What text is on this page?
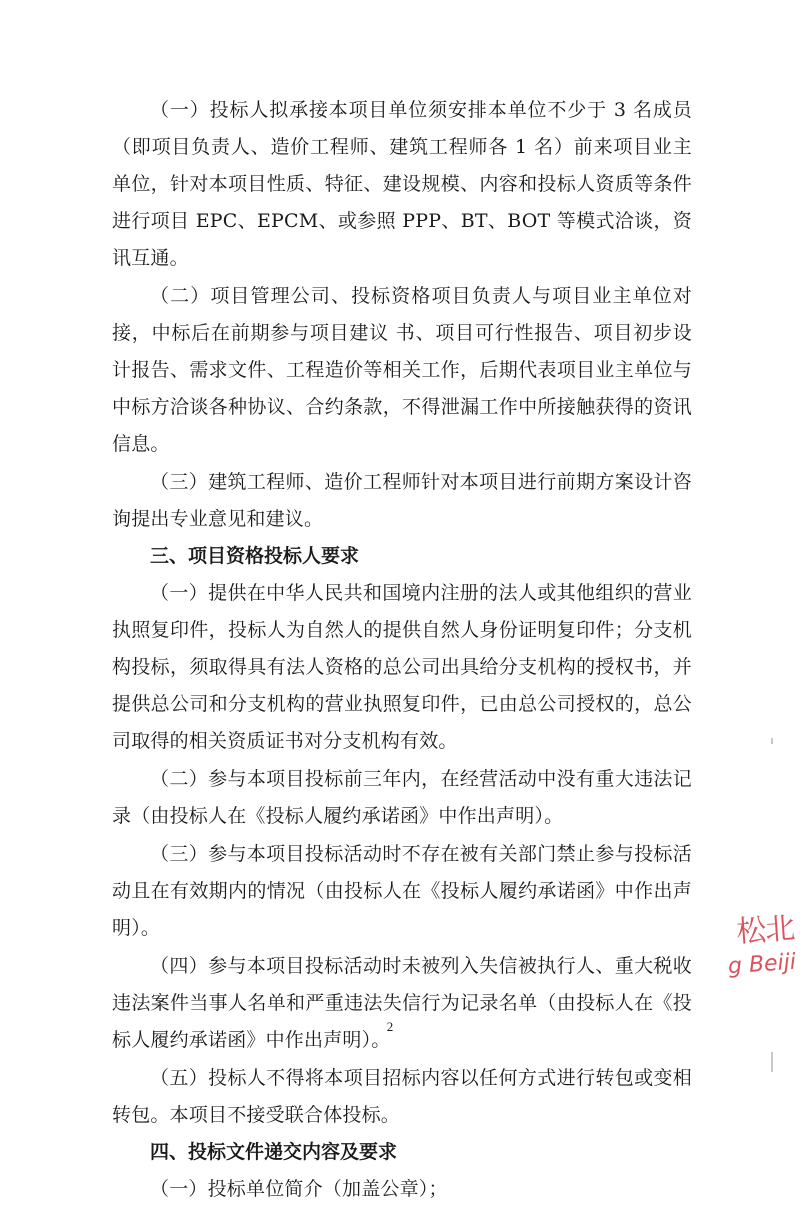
（一）投标人拟承接本项目单位须安排本单位不少于 3 名成员（即项目负责人、造价工程师、建筑工程师各 1 名）前来项目业主单位，针对本项目性质、特征、建设规模、内容和投标人资质等条件进行项目 EPC、EPCM、或参照 PPP、BT、BOT 等模式洽谈，资讯互通。

（二）项目管理公司、投标资格项目负责人与项目业主单位对接，中标后在前期参与项目建议 书、项目可行性报告、项目初步设计报告、需求文件、工程造价等相关工作，后期代表项目业主单位与中标方洽谈各种协议、合约条款，不得泄漏工作中所接触获得的资讯信息。

（三）建筑工程师、造价工程师针对本项目进行前期方案设计咨询提出专业意见和建议。

三、项目资格投标人要求

（一）提供在中华人民共和国境内注册的法人或其他组织的营业执照复印件，投标人为自然人的提供自然人身份证明复印件；分支机构投标，须取得具有法人资格的总公司出具给分支机构的授权书，并提供总公司和分支机构的营业执照复印件，已由总公司授权的，总公司取得的相关资质证书对分支机构有效。

（二）参与本项目投标前三年内，在经营活动中没有重大违法记录（由投标人在《投标人履约承诺函》中作出声明）。

（三）参与本项目投标活动时不存在被有关部门禁止参与投标活动且在有效期内的情况（由投标人在《投标人履约承诺函》中作出声明）。

（四）参与本项目投标活动时未被列入失信被执行人、重大税收违法案件当事人名单和严重违法失信行为记录名单（由投标人在《投标人履约承诺函》中作出声明）。

（五）投标人不得将本项目招标内容以任何方式进行转包或变相转包。本项目不接受联合体投标。

四、投标文件递交内容及要求

（一）投标单位简介（加盖公章）；

2
松北
g Beiji
